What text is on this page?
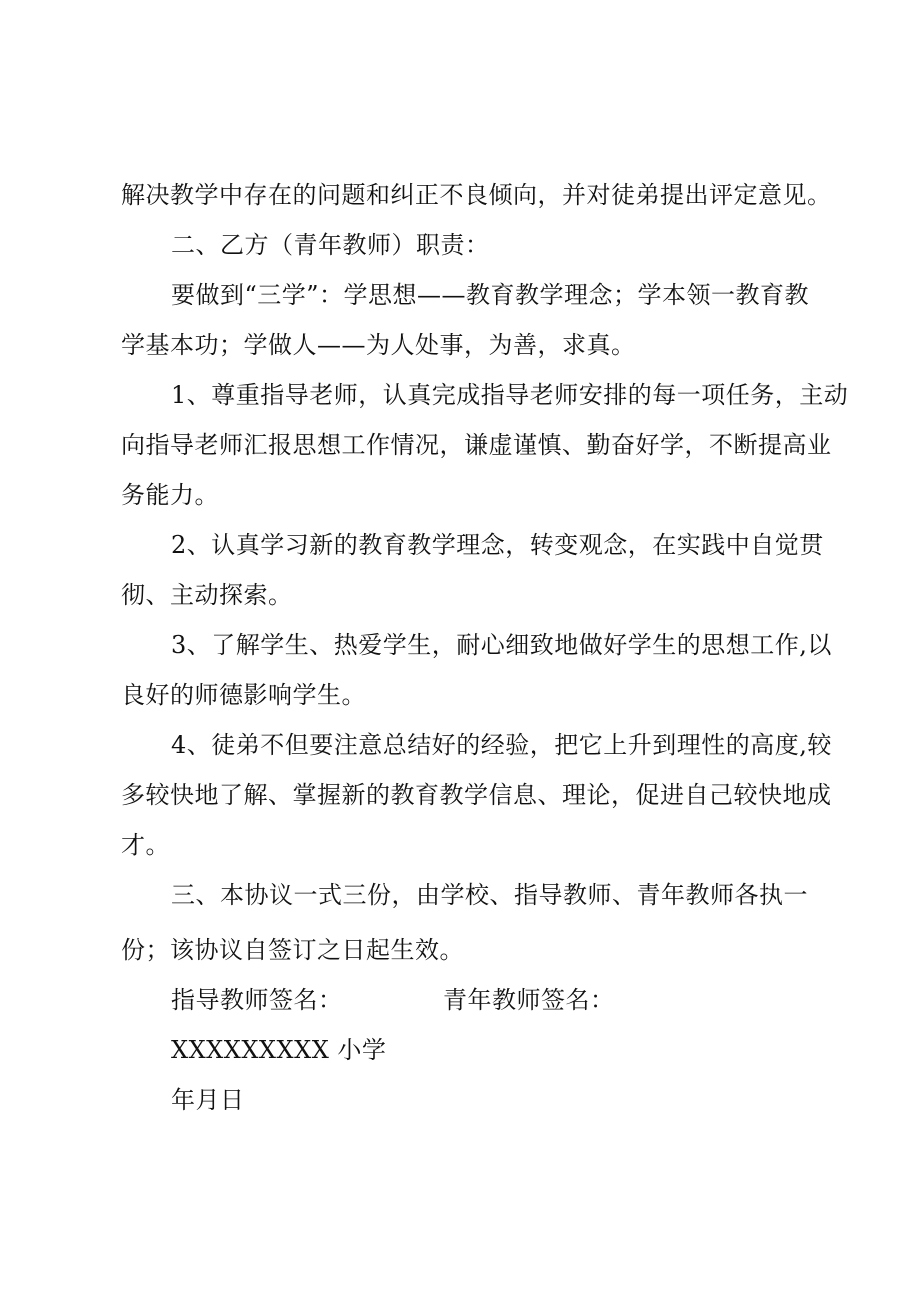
解决教学中存在的问题和纠正不良倾向，并对徒弟提出评定意见。
二、乙方（青年教师）职责：
要做到“三学”：学思想——教育教学理念；学本领一教育教
学基本功；学做人——为人处事，为善，求真。
1、尊重指导老师，认真完成指导老师安排的每一项任务，主动
向指导老师汇报思想工作情况，谦虚谨慎、勤奋好学，不断提高业
务能力。
2、认真学习新的教育教学理念，转变观念，在实践中自觉贯
彻、主动探索。
3、了解学生、热爱学生，耐心细致地做好学生的思想工作,以
良好的师德影响学生。
4、徒弟不但要注意总结好的经验，把它上升到理性的高度,较
多较快地了解、掌握新的教育教学信息、理论，促进自己较快地成
才。
三、本协议一式三份，由学校、指导教师、青年教师各执一
份；该协议自签订之日起生效。
指导教师签名：	青年教师签名：
XXXXXXXXX 小学
年月日
